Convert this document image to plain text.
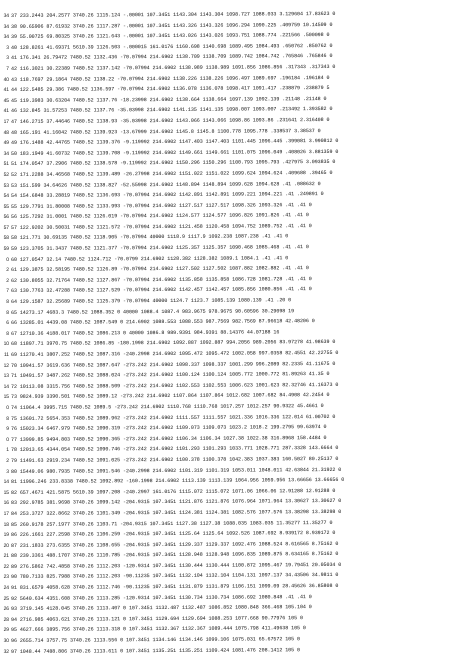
34 37 233.2443 204.2577 3740.26 1115.124 -.00001 107.3451 1143.304 1143.304 1098.727 1088.033 3.129604 17.83623 0
34 38 90.65906 87.61932 3740.26 1117.287 -.00001 107.3451 1143.326 1143.326 1096.294 1090.225 .409759 10.14509 0
34 39 55.00725 69.80325 3740.26 1121.643 -.00001 107.3451 1143.026 1143.026 1093.751 1088.774 .221566 .500098 0
3 40 128.8261 41.69371 5610.39 1126.503 -.000015 161.0176 1160.698 1140.698 1089.495 1084.493 .650762 .850762 0
3 41 176.341 26.79472 7480.52 1132.436 -70.07994 214.6902 1138.709 1138.709 1089.742 1084.742 .765846 .765846 0
7 42 116.3021 30.22389 7480.52 1137.142 -70.07994 214.6902 1138.989 1138.989 1091.856 1086.856 .317343 .317343 0
40 43 118.7697 29.1864 7480.52 1138.22 -70.07994 214.6902 1138.226 1138.226 1096.497 1089.697 .196184 .196184 0
41 44 122.5485 29.386 7480.52 1136.597 -70.07994 214.6902 1136.078 1136.078 1098.417 1091.417 .238879 .238879 5
45 45 119.3983 30.63204 7480.52 1137.76 -18.23998 214.6902 1138.664 1138.664 1097.139 1092.139 .21148 .21148 0
41 46 132.845 31.57253 7480.52 1137.76 -35.03998 214.6902 1141.135 1141.135 1098.007 1093.007 .213492 1.393582 0
17 47 146.2715 37.44646 7480.52 1138.93 -35.03998 214.6902 1143.066 1143.066 1098.86 1093.86 .231641 2.316408 0
48 48 165.191 41.16042 7480.52 1139.923 -13.67999 214.6902 1145.8 1145.8 1100.778 1095.778 .338537 3.38537 0
49 49 176.1488 42.44765 7480.52 1139.376 -9.119992 214.6902 1147.403 1147.403 1101.445 1096.445 .399081 3.990812 0
34 50 183.1949 41.60732 7480.52 1139.708 -9.119992 214.6902 1149.661 1149.661 1101.075 1096.049 .408026 3.881359 0
51 51 174.0547 37.2906 7480.52 1138.578 -9.119992 214.6902 1150.296 1150.296 1100.793 1095.793 .427975 3.093835 0
52 52 171.2288 34.46568 7480.52 1139.489 -26.27998 214.6902 1151.022 1151.022 1099.624 1094.624 .409688 .39465 0
53 53 151.599 34.64626 7480.52 1138.827 -52.55998 214.6902 1148.894 1148.894 1099.628 1094.628 .41 .088632 0
54 54 154.6848 33.28819 7480.52 1136.693 -70.07994 214.6902 1142.891 1142.891 1099.221 1094.221 .41 .249891 0
55 55 129.7791 31.80008 7480.52 1133.993 -70.07994 214.6902 1127.517 1127.517 1098.326 1093.326 .41 .41 0
56 56 125.7292 31.0001 7480.52 1126.019 -70.07994 214.6902 1124.577 1124.577 1096.826 1091.826 .41 .41 0
57 57 122.9202 30.50031 7480.52 1121.572 -70.07994 214.6902 1121.458 1120.458 1094.752 1089.752 .41 .41 0
58 58 121.771 30.69135 7480.52 1118.905 -70.07994 40000 1118.9 1117.9 1092.238 1087.238 .41 .41 0
59 59 123.3705 31.3437 7480.52 1121.377 -70.07994 214.6902 1125.357 1125.357 1090.468 1085.468 .41 .41 0
0 60 127.0547 32.14 7480.52 1124.712 -70.0799 214.6902 1128.382 1128.382 1089.1 1084.1 .41 .41 0
2 61 129.3875 32.58195 7480.52 1126.89 -70.07994 214.6902 1127.502 1127.502 1087.882 1082.882 .41 .41 0
2 62 130.8055 32.71764 7480.52 1127.867 -70.07994 214.6902 1135.858 1135.858 1086.728 1081.728 .41 .41 0
7 63 130.7763 32.47288 7480.52 1127.529 -70.07994 214.6902 1142.457 1142.457 1085.856 1080.856 .41 .41 0
8 64 129.1587 32.25689 7480.52 1125.379 -70.07994 40000 1124.7 1123.7 1085.139 1080.139 .41 .20 0
8 65 14273.17 4683.3 7480.52 1088.352 0 40000 1088.4 1087.4 983.9675 978.9675 90.60596 30.29098 19
6 66 13285.01 4439.08 7480.52 1087.549 0 214.6902 1088.553 1088.553 987.7569 982.7569 87.96618 42.48206 0
8 67 12710.36 4188.017 7480.52 1086.213 0 40000 1086.8 989.9391 984.9391 88.14376 44.07188 16
10 68 11897.71 3970.75 7480.52 1086.85 -180.1998 214.6902 1092.887 1092.887 994.2056 989.2056 83.97278 41.98639 0
11 69 11270.41 3807.252 7480.52 1087.316 -240.2998 214.6902 1095.472 1095.472 1002.058 997.0358 82.4551 42.22755 0
12 70 10941.57 3619.636 7480.52 1087.647 -273.242 214.6902 1098.337 1098.337 1001.299 996.2089 82.2335 41.11675 0
13 71 10491.57 3487.262 7480.52 1088.024 -273.242 214.6902 1100.124 1100.124 1005.772 1000.772 81.89263 41.35 0
14 72 10113.08 3315.756 7480.52 1088.509 -273.242 214.6902 1102.553 1102.553 1006.623 1001.623 82.32746 41.16373 0
15 73 9824.939 3390.501 7480.52 1089.12 -273.242 214.6902 1107.864 1107.864 1012.682 1007.682 84.4908 42.2454 0
0 74 11064.4 3995.715 7480.52 1089.5 -273.242 214.6902 1110.768 1110.768 1017.257 1012.257 90.9322 45.4661 0
8 75 13601.72 5654.353 7480.52 1089.962 -273.242 214.6902 1111.557 1111.557 1021.336 1016.336 122.014 61.00702 0
9 76 15023.34 6467.979 7480.52 1090.319 -273.242 214.6902 1109.073 1109.073 1023.2 1018.2 199.2795 99.63974 0
0 77 13999.85 9494.803 7480.52 1090.365 -273.242 214.6902 1106.34 1106.34 1027.38 1022.38 316.8968 158.4484 0
1 78 12013.65 4344.054 7480.52 1090.746 -273.242 214.6902 1101.293 1101.293 1033.771 1028.771 287.3328 143.6664 0
2 79 11491.63 2919.234 7480.52 1091.025 -273.242 214.6902 1100.378 1100.378 1042.383 1037.383 160.5027 80.25137 0
3 80 15449.06 980.7935 7480.52 1091.546 -240.2998 214.6902 1101.319 1101.319 1053.011 1048.011 42.63844 21.31922 0
14 81 11996.246 233.8338 7480.52 1092.892 -160.1998 214.6902 1113.139 1113.139 1064.956 1059.956 13.66656 13.66656 0
15 82 657.4671 421.5875 5610.39 1097.208 -240.2997 161.0176 1115.072 1115.072 1071.06 1066.06 12.91288 12.91288 0
16 83 292.9785 381.9698 3740.26 1099.142 -204.9315 107.3451 1121.876 1121.876 1076.964 1071.964 13.30627 13.30627 0
17 84 253.3727 322.8662 3740.26 1101.349 -204.9315 107.3451 1124.381 1124.381 1082.576 1077.576 13.38298 13.38298 0
18 85 260.9178 257.1977 3740.26 1103.71 -204.9315 107.3451 1127.38 1127.38 1088.035 1083.035 11.35277 11.35277 0
19 86 226.1661 227.2598 3740.26 1106.259 -204.9315 107.3451 1125.64 1125.64 1092.526 1087.692 8.939172 8.939172 0
20 87 231.1833 273.6355 3740.26 1108.655 -204.9315 107.3451 1129.337 1129.337 1092.476 1088.524 8.616565 8.75162 0
21 88 239.3361 488.1707 3740.26 1110.785 -204.9315 107.3451 1128.948 1128.948 1096.835 1089.875 8.634165 8.75162 0
22 89 276.5862 742.4858 3740.26 1112.203 -120.9314 107.3451 1130.444 1130.444 1100.872 1095.467 19.79451 20.05034 0
23 90 780.7133 825.7988 3740.26 1112.203 -90.11235 107.3451 1132.104 1132.104 1104.131 1097.137 34.43506 34.9811 0
24 91 831.6579 4058.628 3740.26 1112.746 -90.11235 107.3451 1131.879 1131.879 1106.151 1099.09 28.45626 36.85808 0
25 92 5640.634 4351.608 3740.26 1113.285 -120.9314 107.3451 1130.734 1130.734 1086.692 1080.848 .41 .41 0
26 93 3719.145 4128.045 3740.26 1113.407 0 107.3451 1132.487 1132.487 1086.852 1080.848 366.468 105.104 0
28 94 2716.985 4063.621 3740.26 1113.121 0 107.3451 1129.694 1129.694 1088.253 1077.668 90.77976 105 0
29 95 4627.666 3895.756 3740.26 1113.318 0 107.3451 1132.367 1132.367 1089.444 1075.798 411.49638 105 0
30 96 2655.714 3757.75 3740.26 1113.556 0 107.3451 1134.146 1134.146 1099.106 1075.031 65.67572 105 0
32 97 1048.44 7488.806 3740.26 1113.611 0 107.3451 1135.251 1135.251 1109.424 1081.476 208.1412 105 0
